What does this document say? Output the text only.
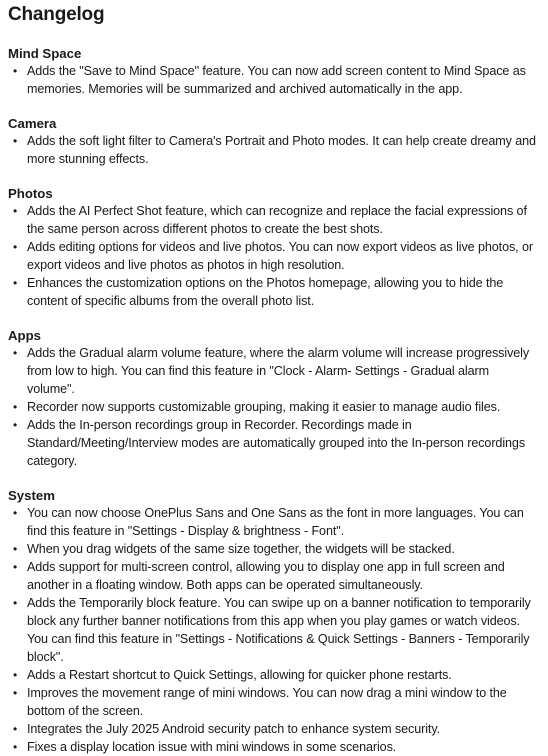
Changelog
Mind Space
• Adds the "Save to Mind Space" feature. You can now add screen content to Mind Space as memories. Memories will be summarized and archived automatically in the app.
Camera
• Adds the soft light filter to Camera's Portrait and Photo modes. It can help create dreamy and more stunning effects.
Photos
• Adds the AI Perfect Shot feature, which can recognize and replace the facial expressions of the same person across different photos to create the best shots.
• Adds editing options for videos and live photos. You can now export videos as live photos, or export videos and live photos as photos in high resolution.
• Enhances the customization options on the Photos homepage, allowing you to hide the content of specific albums from the overall photo list.
Apps
• Adds the Gradual alarm volume feature, where the alarm volume will increase progressively from low to high. You can find this feature in "Clock - Alarm- Settings - Gradual alarm volume".
• Recorder now supports customizable grouping, making it easier to manage audio files.
• Adds the In-person recordings group in Recorder. Recordings made in Standard/Meeting/Interview modes are automatically grouped into the In-person recordings category.
System
• You can now choose OnePlus Sans and One Sans as the font in more languages. You can find this feature in "Settings - Display & brightness - Font".
• When you drag widgets of the same size together, the widgets will be stacked.
• Adds support for multi-screen control, allowing you to display one app in full screen and another in a floating window. Both apps can be operated simultaneously.
• Adds the Temporarily block feature. You can swipe up on a banner notification to temporarily block any further banner notifications from this app when you play games or watch videos. You can find this feature in "Settings - Notifications & Quick Settings - Banners - Temporarily block".
• Adds a Restart shortcut to Quick Settings, allowing for quicker phone restarts.
• Improves the movement range of mini windows. You can now drag a mini window to the bottom of the screen.
• Integrates the July 2025 Android security patch to enhance system security.
• Fixes a display location issue with mini windows in some scenarios.
